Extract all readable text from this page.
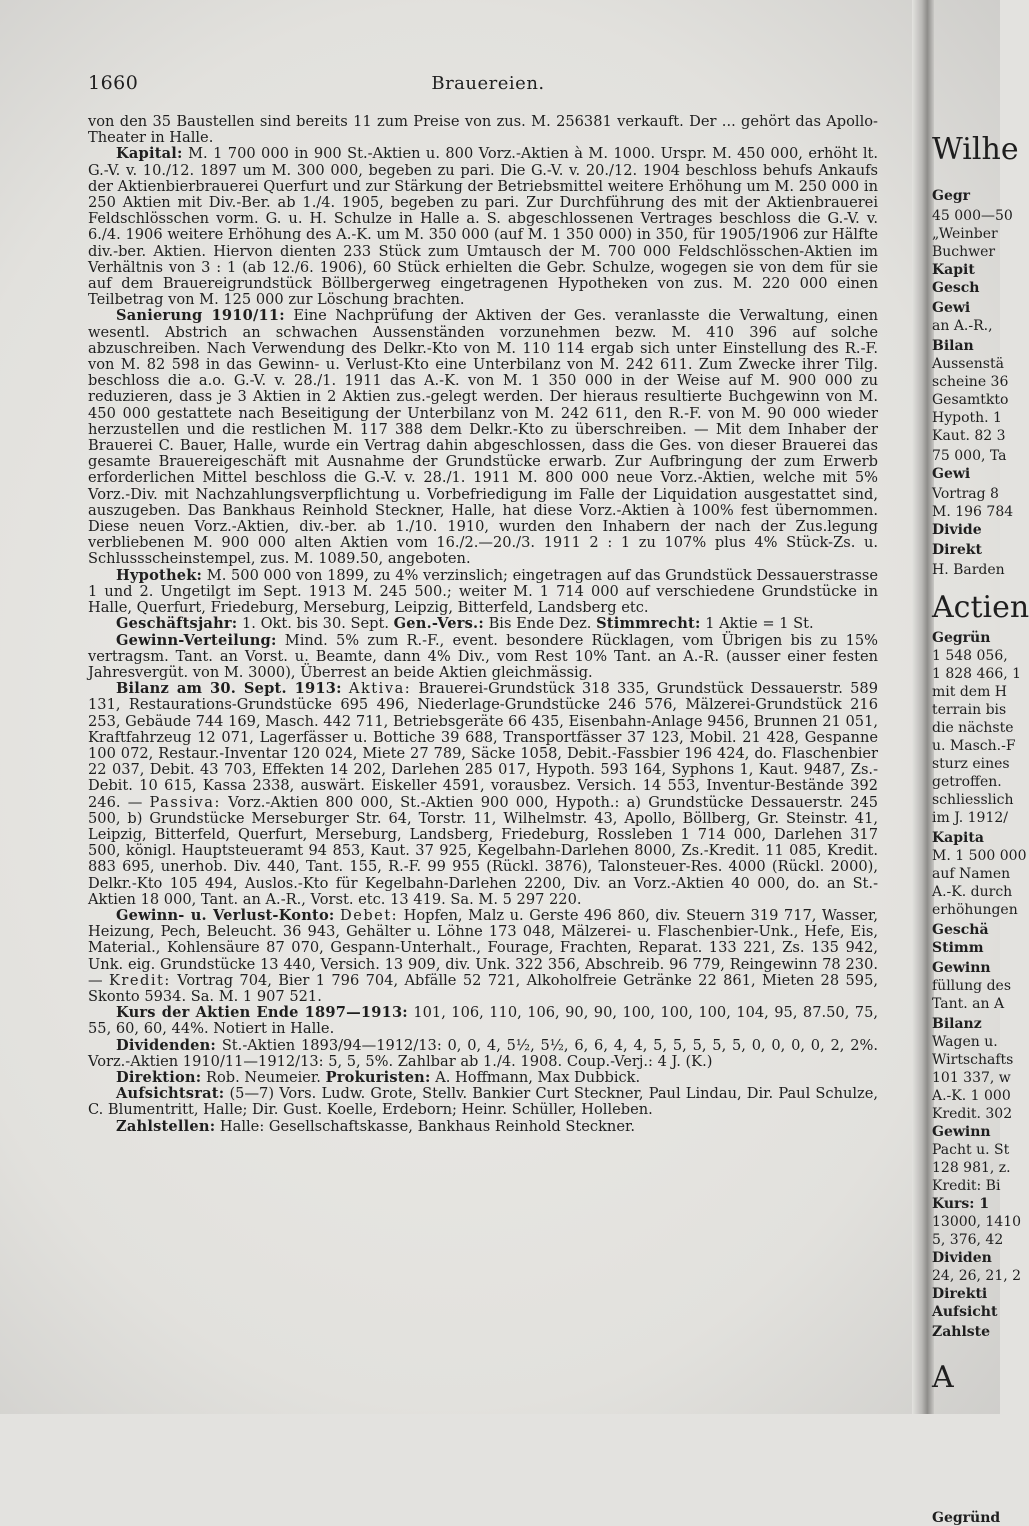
1660	Brauereien.

von den 35 Baustellen sind bereits 11 zum Preise von zus. M. 256381 verkauft. Der ... gehört das Apollo-Theater in Halle.

Kapital: M. 1 700 000 in 900 St.-Aktien u. 800 Vorz.-Aktien à M. 1000. Urspr. M. 450 000, erhöht lt. G.-V. v. 10./12. 1897 um M. 300 000, begeben zu pari. Die G.-V. v. 20./12. 1904 beschloss behufs Ankaufs der Aktienbierbrauerei Querfurt und zur Stärkung der Betriebsmittel weitere Erhöhung um M. 250 000 in 250 Aktien mit Div.-Ber. ab 1./4. 1905, begeben zu pari. Zur Durchführung des mit der Aktienbrauerei Feldschlösschen vorm. G. u. H. Schulze in Halle a. S. abgeschlossenen Vertrages beschloss die G.-V. v. 6./4. 1906 weitere Erhöhung des A.-K. um M. 350 000 (auf M. 1 350 000) in 350, für 1905/1906 zur Hälfte div.-ber. Aktien. Hiervon dienten 233 Stück zum Umtausch der M. 700 000 Feldschlösschen-Aktien im Verhältnis von 3 : 1 (ab 12./6. 1906), 60 Stück erhielten die Gebr. Schulze, wogegen sie von dem für sie auf dem Brauereigrundstück Böllbergerweg eingetragenen Hypotheken von zus. M. 220 000 einen Teilbetrag von M. 125 000 zur Löschung brachten.

Sanierung 1910/11: Eine Nachprüfung der Aktiven der Ges. veranlasste die Verwaltung, einen wesentl. Abstrich an schwachen Aussenständen vorzunehmen bezw. M. 410 396 auf solche abzuschreiben. Nach Verwendung des Delkr.-Kto von M. 110 114 ergab sich unter Einstellung des R.-F. von M. 82 598 in das Gewinn- u. Verlust-Kto eine Unterbilanz von M. 242 611. Zum Zwecke ihrer Tilg. beschloss die a.o. G.-V. v. 28./1. 1911 das A.-K. von M. 1 350 000 in der Weise auf M. 900 000 zu reduzieren, dass je 3 Aktien in 2 Aktien zus.-gelegt werden. Der hieraus resultierte Buchgewinn von M. 450 000 gestattete nach Beseitigung der Unterbilanz von M. 242 611, den R.-F. von M. 90 000 wieder herzustellen und die restlichen M. 117 388 dem Delkr.-Kto zu überschreiben. — Mit dem Inhaber der Brauerei C. Bauer, Halle, wurde ein Vertrag dahin abgeschlossen, dass die Ges. von dieser Brauerei das gesamte Brauereigeschäft mit Ausnahme der Grundstücke erwarb. Zur Aufbringung der zum Erwerb erforderlichen Mittel beschloss die G.-V. v. 28./1. 1911 M. 800 000 neue Vorz.-Aktien, welche mit 5% Vorz.-Div. mit Nachzahlungsverpflichtung u. Vorbefriedigung im Falle der Liquidation ausgestattet sind, auszugeben. Das Bankhaus Reinhold Steckner, Halle, hat diese Vorz.-Aktien à 100% fest übernommen. Diese neuen Vorz.-Aktien, div.-ber. ab 1./10. 1910, wurden den Inhabern der nach der Zus.legung verbliebenen M. 900 000 alten Aktien vom 16./2.—20./3. 1911 2 : 1 zu 107% plus 4% Stück-Zs. u. Schlussscheinstempel, zus. M. 1089.50, angeboten.

Hypothek: M. 500 000 von 1899, zu 4% verzinslich; eingetragen auf das Grundstück Dessauerstrasse 1 und 2. Ungetilgt im Sept. 1913 M. 245 500.; weiter M. 1 714 000 auf verschiedene Grundstücke in Halle, Querfurt, Friedeburg, Merseburg, Leipzig, Bitterfeld, Landsberg etc.

Geschäftsjahr: 1. Okt. bis 30. Sept. Gen.-Vers.: Bis Ende Dez. Stimmrecht: 1 Aktie = 1 St.

Gewinn-Verteilung: Mind. 5% zum R.-F., event. besondere Rücklagen, vom Übrigen bis zu 15% vertragsm. Tant. an Vorst. u. Beamte, dann 4% Div., vom Rest 10% Tant. an A.-R. (ausser einer festen Jahresvergüt. von M. 3000), Überrest an beide Aktien gleichmässig.

Bilanz am 30. Sept. 1913: Aktiva: Brauerei-Grundstück 318 335, Grundstück Dessauerstr. 589 131, Restaurations-Grundstücke 695 496, Niederlage-Grundstücke 246 576, Mälzerei-Grundstück 216 253, Gebäude 744 169, Masch. 442 711, Betriebsgeräte 66 435, Eisenbahn-Anlage 9456, Brunnen 21 051, Kraftfahrzeug 12 071, Lagerfässer u. Bottiche 39 688, Transportfässer 37 123, Mobil. 21 428, Gespanne 100 072, Restaur.-Inventar 120 024, Miete 27 789, Säcke 1058, Debit.-Fassbier 196 424, do. Flaschenbier 22 037, Debit. 43 703, Effekten 14 202, Darlehen 285 017, Hypoth. 593 164, Syphons 1, Kaut. 9487, Zs.-Debit. 10 615, Kassa 2338, auswärt. Eiskeller 4591, vorausbez. Versich. 14 553, Inventur-Bestände 392 246. — Passiva: Vorz.-Aktien 800 000, St.-Aktien 900 000, Hypoth.: a) Grundstücke Dessauerstr. 245 500, b) Grundstücke Merseburger Str. 64, Torstr. 11, Wilhelmstr. 43, Apollo, Böllberg, Gr. Steinstr. 41, Leipzig, Bitterfeld, Querfurt, Merseburg, Landsberg, Friedeburg, Rossleben 1 714 000, Darlehen 317 500, königl. Hauptsteueramt 94 853, Kaut. 37 925, Kegelbahn-Darlehen 8000, Zs.-Kredit. 11 085, Kredit. 883 695, unerhob. Div. 440, Tant. 155, R.-F. 99 955 (Rückl. 3876), Talonsteuer-Res. 4000 (Rückl. 2000), Delkr.-Kto 105 494, Auslos.-Kto für Kegelbahn-Darlehen 2200, Div. an Vorz.-Aktien 40 000, do. an St.-Aktien 18 000, Tant. an A.-R., Vorst. etc. 13 419. Sa. M. 5 297 220.

Gewinn- u. Verlust-Konto: Debet: Hopfen, Malz u. Gerste 496 860, div. Steuern 319 717, Wasser, Heizung, Pech, Beleucht. 36 943, Gehälter u. Löhne 173 048, Mälzerei- u. Flaschenbier-Unk., Hefe, Eis, Material., Kohlensäure 87 070, Gespann-Unterhalt., Fourage, Frachten, Reparat. 133 221, Zs. 135 942, Unk. eig. Grundstücke 13 440, Versich. 13 909, div. Unk. 322 356, Abschreib. 96 779, Reingewinn 78 230. — Kredit: Vortrag 704, Bier 1 796 704, Abfälle 52 721, Alkoholfreie Getränke 22 861, Mieten 28 595, Skonto 5934. Sa. M. 1 907 521.

Kurs der Aktien Ende 1897—1913: 101, 106, 110, 106, 90, 90, 100, 100, 100, 104, 95, 87.50, 75, 55, 60, 60, 44%. Notiert in Halle.

Dividenden: St.-Aktien 1893/94—1912/13: 0, 0, 4, 5½, 5½, 6, 6, 4, 4, 5, 5, 5, 5, 5, 0, 0, 0, 0, 2, 2%. Vorz.-Aktien 1910/11—1912/13: 5, 5, 5%. Zahlbar ab 1./4. 1908. Coup.-Verj.: 4 J. (K.)

Direktion: Rob. Neumeier. Prokuristen: A. Hoffmann, Max Dubbick.

Aufsichtsrat: (5—7) Vors. Ludw. Grote, Stellv. Bankier Curt Steckner, Paul Lindau, Dir. Paul Schulze, C. Blumentritt, Halle; Dir. Gust. Koelle, Erdeborn; Heinr. Schüller, Holleben.

Zahlstellen: Halle: Gesellschaftskasse, Bankhaus Reinhold Steckner.

Wilhe
Actien
A
Gegr
45 000—50
„Weinber
Buchwer
Kapit
Gesch
Gewi
an A.-R.,
Bilan
Aussenstä
scheine 36
Gesamtkto
Hypoth. 1
Kaut. 82 3
75 000, Ta
Gewi
Vortrag 8
M. 196 784
Divide
Direkt
H. Barden
Gegrün
1 548 056,
1 828 466, 1
mit dem H
terrain bis
die nächste
u. Masch.-F
sturz eines
getroffen.
schliesslich
im J. 1912/
Kapita
M. 1 500 000
auf Namen
A.-K. durch
erhöhungen
Geschä
Stimm
Gewinn
füllung des
Tant. an A
Bilanz
Wagen u.
Wirtschafts
101 337, w
A.-K. 1 000
Kredit. 302
Gewinn
Pacht u. St
128 981, z.
Kredit: Bi
Kurs: 1
13000, 1410
5, 376, 42
Dividen
24, 26, 21, 2
Direkti
Aufsicht
Zahlste
Gegründ
